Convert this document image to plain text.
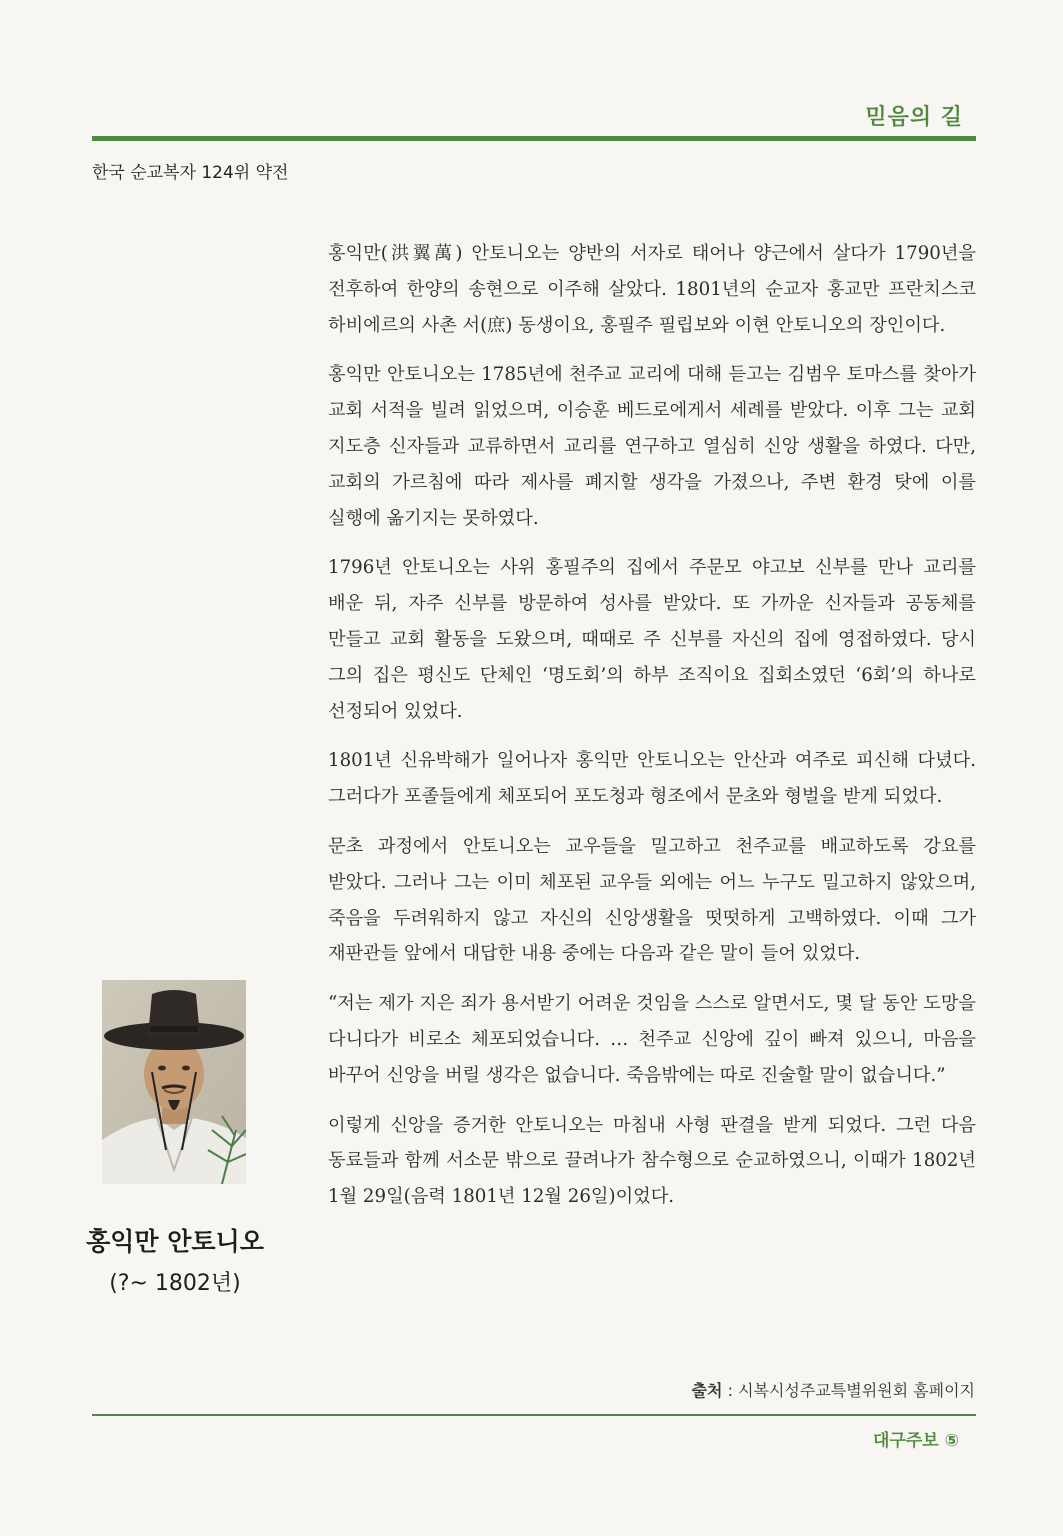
믿음의 길
한국 순교복자 124위 약전

홍익만(洪翼萬) 안토니오는 양반의 서자로 태어나 양근에서 살다가 1790년을 전후하여 한양의 송현으로 이주해 살았다. 1801년의 순교자 홍교만 프란치스코 하비에르의 사촌 서(庶) 동생이요, 홍필주 필립보와 이현 안토니오의 장인이다.

홍익만 안토니오는 1785년에 천주교 교리에 대해 듣고는 김범우 토마스를 찾아가 교회 서적을 빌려 읽었으며, 이승훈 베드로에게서 세례를 받았다. 이후 그는 교회 지도층 신자들과 교류하면서 교리를 연구하고 열심히 신앙 생활을 하였다. 다만, 교회의 가르침에 따라 제사를 폐지할 생각을 가졌으나, 주변 환경 탓에 이를 실행에 옮기지는 못하였다.

1796년 안토니오는 사위 홍필주의 집에서 주문모 야고보 신부를 만나 교리를 배운 뒤, 자주 신부를 방문하여 성사를 받았다. 또 가까운 신자들과 공동체를 만들고 교회 활동을 도왔으며, 때때로 주 신부를 자신의 집에 영접하였다. 당시 그의 집은 평신도 단체인 ‘명도회’의 하부 조직이요 집회소였던 ‘6회’의 하나로 선정되어 있었다.

1801년 신유박해가 일어나자 홍익만 안토니오는 안산과 여주로 피신해 다녔다. 그러다가 포졸들에게 체포되어 포도청과 형조에서 문초와 형벌을 받게 되었다.

문초 과정에서 안토니오는 교우들을 밀고하고 천주교를 배교하도록 강요를 받았다. 그러나 그는 이미 체포된 교우들 외에는 어느 누구도 밀고하지 않았으며, 죽음을 두려워하지 않고 자신의 신앙생활을 떳떳하게 고백하였다. 이때 그가 재판관들 앞에서 대답한 내용 중에는 다음과 같은 말이 들어 있었다.

“저는 제가 지은 죄가 용서받기 어려운 것임을 스스로 알면서도, 몇 달 동안 도망을 다니다가 비로소 체포되었습니다. … 천주교 신앙에 깊이 빠져 있으니, 마음을 바꾸어 신앙을 버릴 생각은 없습니다. 죽음밖에는 따로 진술할 말이 없습니다.”

이렇게 신앙을 증거한 안토니오는 마침내 사형 판결을 받게 되었다. 그런 다음 동료들과 함께 서소문 밖으로 끌려나가 참수형으로 순교하였으니, 이때가 1802년 1월 29일(음력 1801년 12월 26일)이었다.

홍익만 안토니오
(?~ 1802년)
출처 : 시복시성주교특별위원회 홈페이지
대구주보 ⑤
